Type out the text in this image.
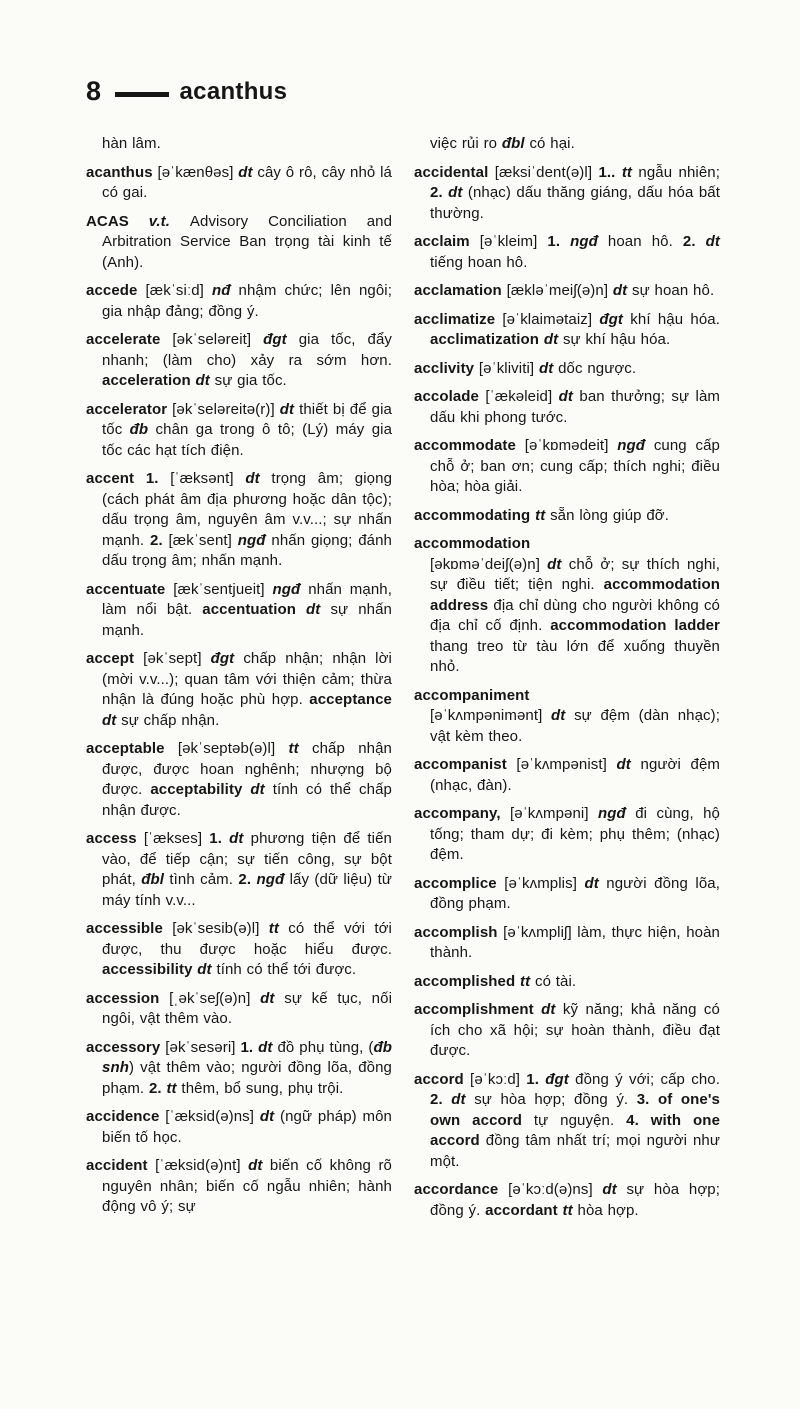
8	acanthus

hàn lâm.

acanthus [əˈkænθəs] dt cây ô rô, cây nhỏ lá có gai.

ACAS v.t. Advisory Conciliation and Arbitration Service Ban trọng tài kinh tế (Anh).

accede [ækˈsiːd] nđ nhậm chức; lên ngôi; gia nhập đảng; đồng ý.

accelerate [əkˈseləreit] đgt gia tốc, đẩy nhanh; (làm cho) xảy ra sớm hơn. acceleration dt sự gia tốc.

accelerator [əkˈseləreitə(r)] dt thiết bị để gia tốc đb chân ga trong ô tô; (Lý) máy gia tốc các hạt tích điện.

accent 1. [ˈæksənt] dt trọng âm; giọng (cách phát âm địa phương hoặc dân tộc); dấu trọng âm, nguyên âm v.v...; sự nhấn mạnh. 2. [ækˈsent] ngđ nhấn giọng; đánh dấu trọng âm; nhấn mạnh.

accentuate [ækˈsentjueit] ngđ nhấn mạnh, làm nổi bật. accentuation dt sự nhấn mạnh.

accept [əkˈsept] đgt chấp nhận; nhận lời (mời v.v...); quan tâm với thiện cảm; thừa nhận là đúng hoặc phù hợp. acceptance dt sự chấp nhận.

acceptable [əkˈseptəb(ə)l] tt chấp nhận được, được hoan nghênh; nhượng bộ được. acceptability dt tính có thể chấp nhận được.

access [ˈækses] 1. dt phương tiện để tiến vào, để tiếp cận; sự tiến công, sự bột phát, đbl tình cảm. 2. ngđ lấy (dữ liệu) từ máy tính v.v...

accessible [əkˈsesib(ə)l] tt có thể với tới được, thu được hoặc hiểu được. accessibility dt tính có thể tới được.

accession [ˌəkˈseʃ(ə)n] dt sự kế tục, nối ngôi, vật thêm vào.

accessory [əkˈsesəri] 1. dt đồ phụ tùng, (đb snh) vật thêm vào; người đồng lõa, đồng phạm. 2. tt thêm, bổ sung, phụ trội.

accidence [ˈæksid(ə)ns] dt (ngữ pháp) môn biến tố học.

accident [ˈæksid(ə)nt] dt biến cố không rõ nguyên nhân; biến cố ngẫu nhiên; hành động vô ý; sự

việc rủi ro đbl có hại.

accidental [æksiˈdent(ə)l] 1.. tt ngẫu nhiên; 2. dt (nhạc) dấu thăng giáng, dấu hóa bất thường.

acclaim [əˈkleim] 1. ngđ hoan hô. 2. dt tiếng hoan hô.

acclamation [ækləˈmeiʃ(ə)n] dt sự hoan hô.

acclimatize [əˈklaimətaiz] đgt khí hậu hóa. acclimatization dt sự khí hậu hóa.

acclivity [əˈkliviti] dt dốc ngược.

accolade [ˈækəleid] dt ban thưởng; sự làm dấu khi phong tước.

accommodate [əˈkɒmədeit] ngđ cung cấp chỗ ở; ban ơn; cung cấp; thích nghi; điều hòa; hòa giải.

accommodating tt sẵn lòng giúp đỡ.

accommodation
[əkɒməˈdeiʃ(ə)n] dt chỗ ở; sự thích nghi, sự điều tiết; tiện nghi. accommodation address địa chỉ dùng cho người không có địa chỉ cố định. accommodation ladder thang treo từ tàu lớn để xuống thuyền nhỏ.

accompaniment
[əˈkʌmpənimənt] dt sự đệm (dàn nhạc); vật kèm theo.

accompanist [əˈkʌmpənist] dt người đệm (nhạc, đàn).

accompany, [əˈkʌmpəni] ngđ đi cùng, hộ tống; tham dự; đi kèm; phụ thêm; (nhạc) đệm.

accomplice [əˈkʌmplis] dt người đồng lõa, đồng phạm.

accomplish [əˈkʌmpliʃ] làm, thực hiện, hoàn thành.

accomplished tt có tài.

accomplishment dt kỹ năng; khả năng có ích cho xã hội; sự hoàn thành, điều đạt được.

accord [əˈkɔːd] 1. đgt đồng ý với; cấp cho. 2. dt sự hòa hợp; đồng ý. 3. of one's own accord tự nguyện. 4. with one accord đồng tâm nhất trí; mọi người như một.

accordance [əˈkɔːd(ə)ns] dt sự hòa hợp; đồng ý. accordant tt hòa hợp.
